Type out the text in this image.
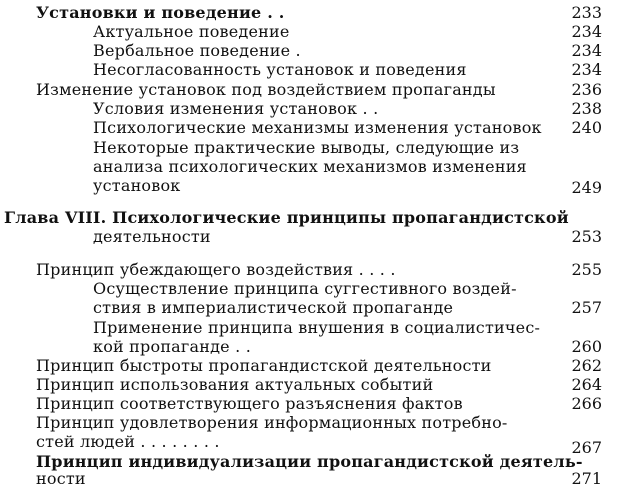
Установки и поведение . .	233
Актуальное поведение	234
Вербальное поведение .	234
Несогласованность установок и поведения	234
Изменение установок под воздействием пропаганды	236
Условия изменения установок . .	238
Психологические механизмы изменения установок 240
Некоторые практические выводы, следующие из
анализа психологических механизмов изменения
установок	249
Глава VIII. Психологические принципы пропагандистской
деятельности	253
Принцип убеждающего воздействия . . . .	255
Осуществление принципа суггестивного воздей-
ствия в империалистической пропаганде	257
Применение принципа внушения в социалистичес-
кой пропаганде . .	260
Принцип быстроты пропагандистской деятельности	262
Принцип использования актуальных событий	264
Принцип соответствующего разъяснения фактов	266
Принцип удовлетворения информационных потребно-
стей людей . . . . . . . .	267
Принцип индивидуализации пропагандистской деятель-
ности	271
